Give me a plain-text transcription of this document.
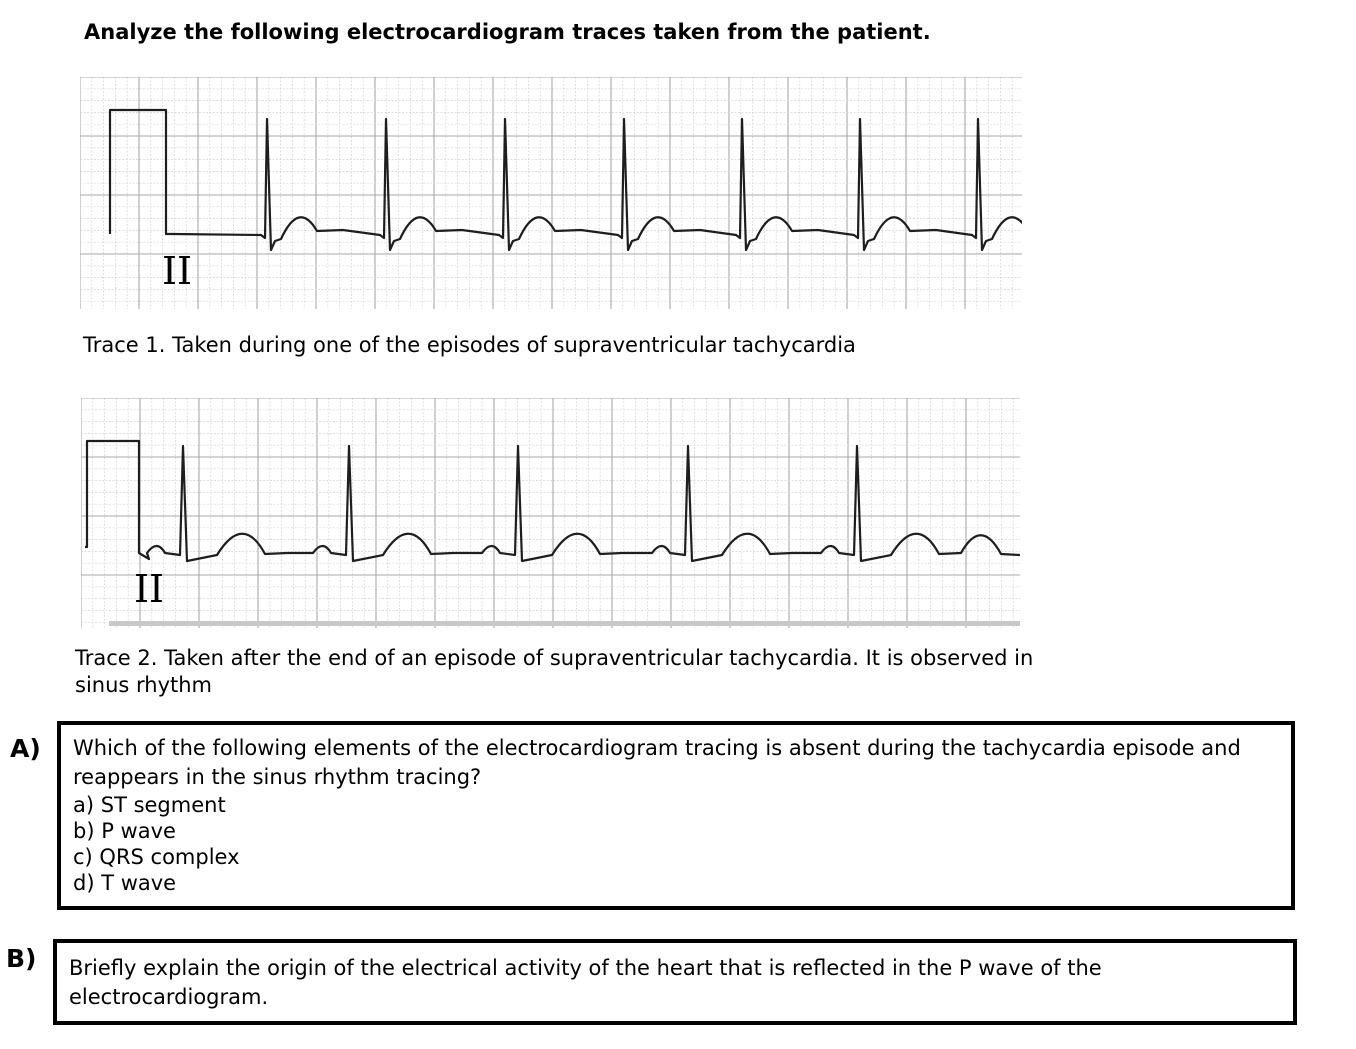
Analyze the following electrocardiogram traces taken from the patient.
II
Trace 1. Taken during one of the episodes of supraventricular tachycardia
II
Trace 2. Taken after the end of an episode of supraventricular tachycardia. It is observed in sinus rhythm
A) Which of the following elements of the electrocardiogram tracing is absent during the tachycardia episode and reappears in the sinus rhythm tracing?
a) ST segment
b) P wave
c) QRS complex
d) T wave
B) Briefly explain the origin of the electrical activity of the heart that is reflected in the P wave of the electrocardiogram.
